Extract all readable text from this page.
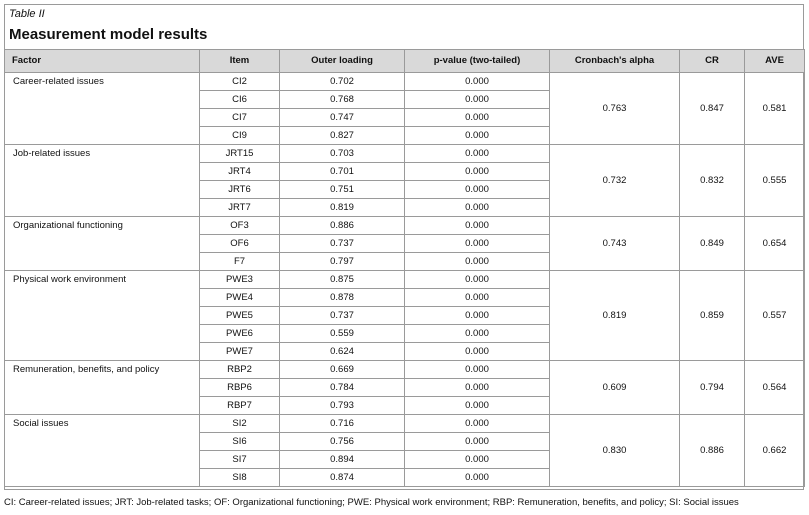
Table II
Measurement model results
Factor	Item	Outer loading	p-value (two-tailed)	Cronbach's alpha	CR	AVE
Career-related issues	CI2	0.702	0.000	0.763	0.847	0.581
	CI6	0.768	0.000			
	CI7	0.747	0.000			
	CI9	0.827	0.000			
Job-related issues	JRT15	0.703	0.000	0.732	0.832	0.555
	JRT4	0.701	0.000			
	JRT6	0.751	0.000			
	JRT7	0.819	0.000			
Organizational functioning	OF3	0.886	0.000	0.743	0.849	0.654
	OF6	0.737	0.000			
	F7	0.797	0.000			
Physical work environment	PWE3	0.875	0.000	0.819	0.859	0.557
	PWE4	0.878	0.000			
	PWE5	0.737	0.000			
	PWE6	0.559	0.000			
	PWE7	0.624	0.000			
Remuneration, benefits, and policy	RBP2	0.669	0.000	0.609	0.794	0.564
	RBP6	0.784	0.000			
	RBP7	0.793	0.000			
Social issues	SI2	0.716	0.000	0.830	0.886	0.662
	SI6	0.756	0.000			
	SI7	0.894	0.000			
	SI8	0.874	0.000			
CI: Career-related issues; JRT: Job-related tasks; OF: Organizational functioning; PWE: Physical work environment; RBP: Remuneration, benefits, and policy; SI: Social issues
